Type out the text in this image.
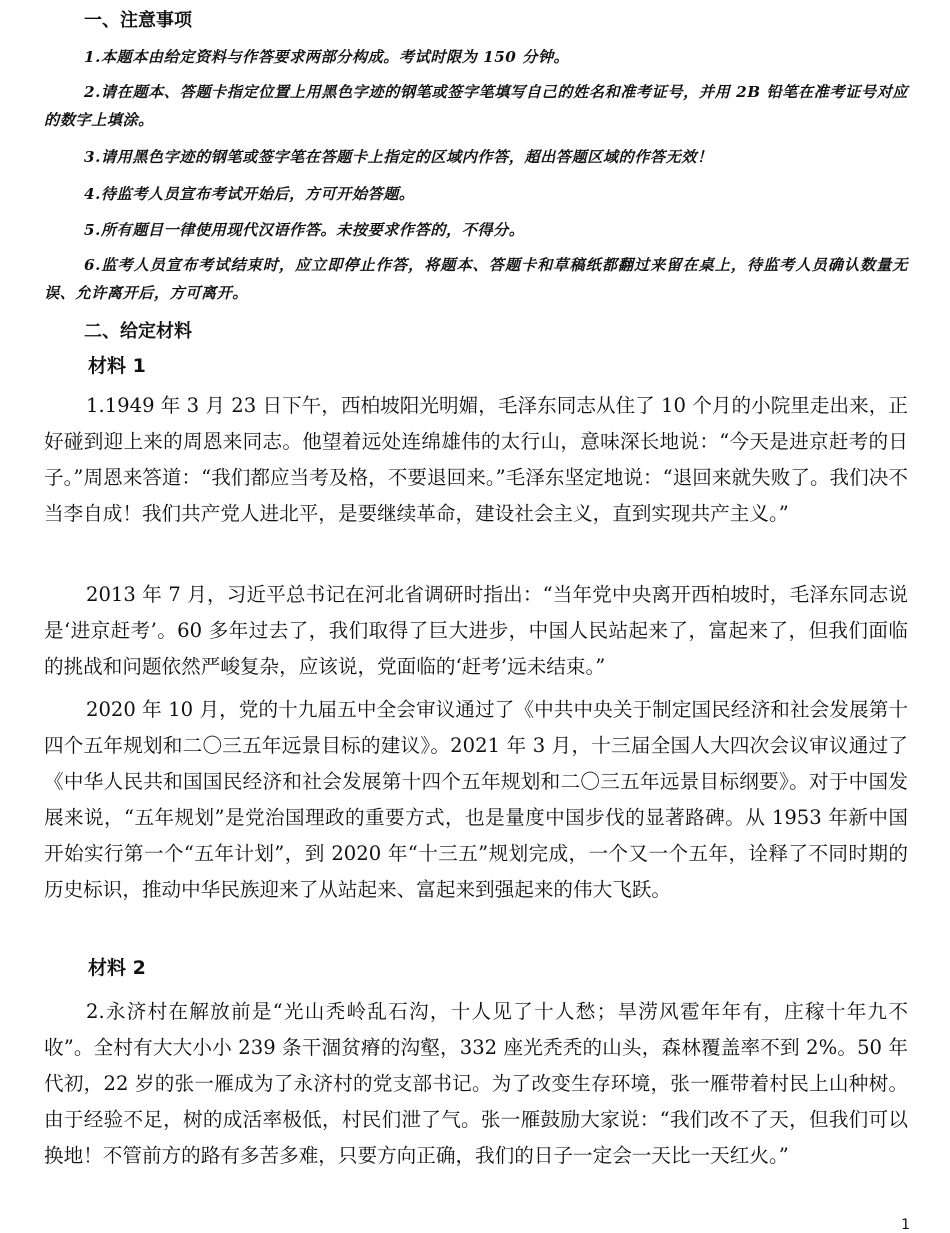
一、注意事项
1.本题本由给定资料与作答要求两部分构成。考试时限为 150 分钟。
2.请在题本、答题卡指定位置上用黑色字迹的钢笔或签字笔填写自己的姓名和准考证号，并用 2B 铅笔在准考证号对应的数字上填涂。
3.请用黑色字迹的钢笔或签字笔在答题卡上指定的区域内作答，超出答题区域的作答无效！
4.待监考人员宣布考试开始后，方可开始答题。
5.所有题目一律使用现代汉语作答。未按要求作答的，不得分。
6.监考人员宣布考试结束时，应立即停止作答，将题本、答题卡和草稿纸都翻过来留在桌上，待监考人员确认数量无误、允许离开后，方可离开。
二、给定材料
材料 1
1.1949 年 3 月 23 日下午，西柏坡阳光明媚，毛泽东同志从住了 10 个月的小院里走出来，正好碰到迎上来的周恩来同志。他望着远处连绵雄伟的太行山，意味深长地说：“今天是进京赶考的日子。”周恩来答道：“我们都应当考及格，不要退回来。”毛泽东坚定地说：“退回来就失败了。我们决不当李自成！我们共产党人进北平，是要继续革命，建设社会主义，直到实现共产主义。”
2013 年 7 月，习近平总书记在河北省调研时指出：“当年党中央离开西柏坡时，毛泽东同志说是‘进京赶考’。60 多年过去了，我们取得了巨大进步，中国人民站起来了，富起来了，但我们面临的挑战和问题依然严峻复杂，应该说，党面临的‘赶考’远未结束。”
2020 年 10 月，党的十九届五中全会审议通过了《中共中央关于制定国民经济和社会发展第十四个五年规划和二〇三五年远景目标的建议》。2021 年 3 月，十三届全国人大四次会议审议通过了《中华人民共和国国民经济和社会发展第十四个五年规划和二〇三五年远景目标纲要》。对于中国发展来说，“五年规划”是党治国理政的重要方式，也是量度中国步伐的显著路碑。从 1953 年新中国开始实行第一个“五年计划”，到 2020 年“十三五”规划完成，一个又一个五年，诠释了不同时期的历史标识，推动中华民族迎来了从站起来、富起来到强起来的伟大飞跃。
材料 2
2.永济村在解放前是“光山秃岭乱石沟，十人见了十人愁；旱涝风雹年年有，庄稼十年九不收”。全村有大大小小 239 条干涸贫瘠的沟壑，332 座光秃秃的山头，森林覆盖率不到 2%。50 年代初，22 岁的张一雁成为了永济村的党支部书记。为了改变生存环境，张一雁带着村民上山种树。由于经验不足，树的成活率极低，村民们泄了气。张一雁鼓励大家说：“我们改不了天，但我们可以换地！不管前方的路有多苦多难，只要方向正确，我们的日子一定会一天比一天红火。”
1
